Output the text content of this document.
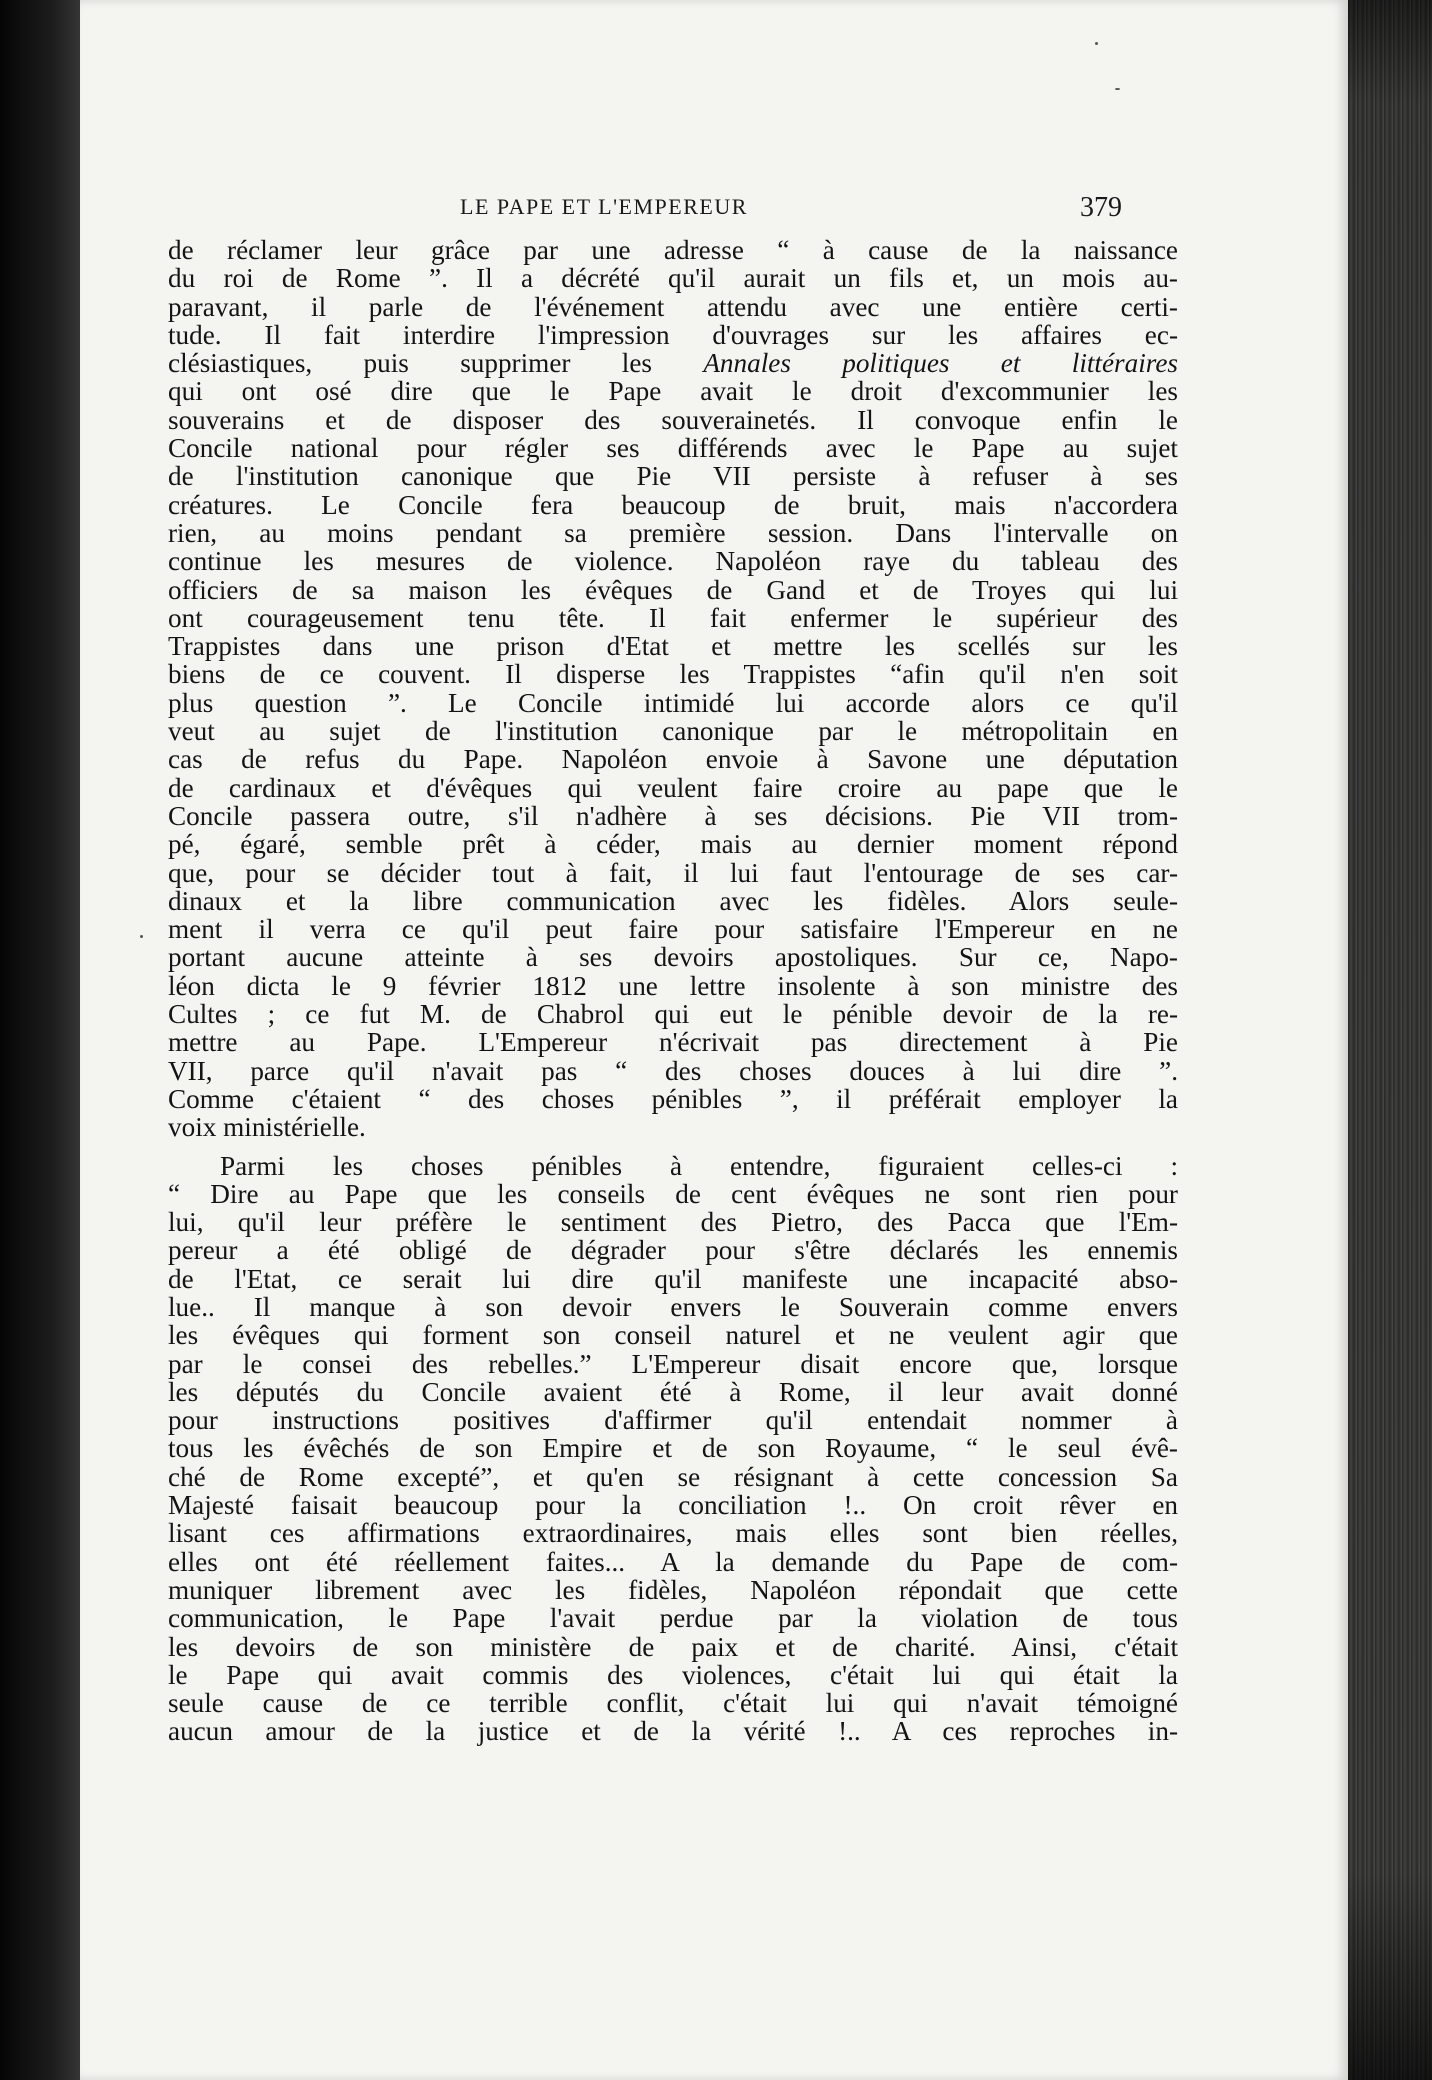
LE PAPE ET L'EMPEREUR	379
de réclamer leur grâce par une adresse “ à cause de la naissance
du roi de Rome ”. Il a décrété qu'il aurait un fils et, un mois au-
paravant, il parle de l'événement attendu avec une entière certi-
tude. Il fait interdire l'impression d'ouvrages sur les affaires ec-
clésiastiques, puis supprimer les Annales politiques et littéraires
qui ont osé dire que le Pape avait le droit d'excommunier les
souverains et de disposer des souverainetés. Il convoque enfin le
Concile national pour régler ses différends avec le Pape au sujet
de l'institution canonique que Pie VII persiste à refuser à ses
créatures. Le Concile fera beaucoup de bruit, mais n'accordera
rien, au moins pendant sa première session. Dans l'intervalle on
continue les mesures de violence. Napoléon raye du tableau des
officiers de sa maison les évêques de Gand et de Troyes qui lui
ont courageusement tenu tête. Il fait enfermer le supérieur des
Trappistes dans une prison d'Etat et mettre les scellés sur les
biens de ce couvent. Il disperse les Trappistes “afin qu'il n'en soit
plus question ”. Le Concile intimidé lui accorde alors ce qu'il
veut au sujet de l'institution canonique par le métropolitain en
cas de refus du Pape. Napoléon envoie à Savone une députation
de cardinaux et d'évêques qui veulent faire croire au pape que le
Concile passera outre, s'il n'adhère à ses décisions. Pie VII trom-
pé, égaré, semble prêt à céder, mais au dernier moment répond
que, pour se décider tout à fait, il lui faut l'entourage de ses car-
dinaux et la libre communication avec les fidèles. Alors seule-
ment il verra ce qu'il peut faire pour satisfaire l'Empereur en ne
portant aucune atteinte à ses devoirs apostoliques. Sur ce, Napo-
léon dicta le 9 février 1812 une lettre insolente à son ministre des
Cultes ; ce fut M. de Chabrol qui eut le pénible devoir de la re-
mettre au Pape. L'Empereur n'écrivait pas directement à Pie
VII, parce qu'il n'avait pas “ des choses douces à lui dire ”.
Comme c'étaient “ des choses pénibles ”, il préférait employer la
voix ministérielle.
Parmi les choses pénibles à entendre, figuraient celles-ci :
“ Dire au Pape que les conseils de cent évêques ne sont rien pour
lui, qu'il leur préfère le sentiment des Pietro, des Pacca que l'Em-
pereur a été obligé de dégrader pour s'être déclarés les ennemis
de l'Etat, ce serait lui dire qu'il manifeste une incapacité abso-
lue.. Il manque à son devoir envers le Souverain comme envers
les évêques qui forment son conseil naturel et ne veulent agir que
par le consei des rebelles.” L'Empereur disait encore que, lorsque
les députés du Concile avaient été à Rome, il leur avait donné
pour instructions positives d'affirmer qu'il entendait nommer à
tous les évêchés de son Empire et de son Royaume, “ le seul évê-
ché de Rome excepté”, et qu'en se résignant à cette concession Sa
Majesté faisait beaucoup pour la conciliation !.. On croit rêver en
lisant ces affirmations extraordinaires, mais elles sont bien réelles,
elles ont été réellement faites... A la demande du Pape de com-
muniquer librement avec les fidèles, Napoléon répondait que cette
communication, le Pape l'avait perdue par la violation de tous
les devoirs de son ministère de paix et de charité. Ainsi, c'était
le Pape qui avait commis des violences, c'était lui qui était la
seule cause de ce terrible conflit, c'était lui qui n'avait témoigné
aucun amour de la justice et de la vérité !.. A ces reproches in-
